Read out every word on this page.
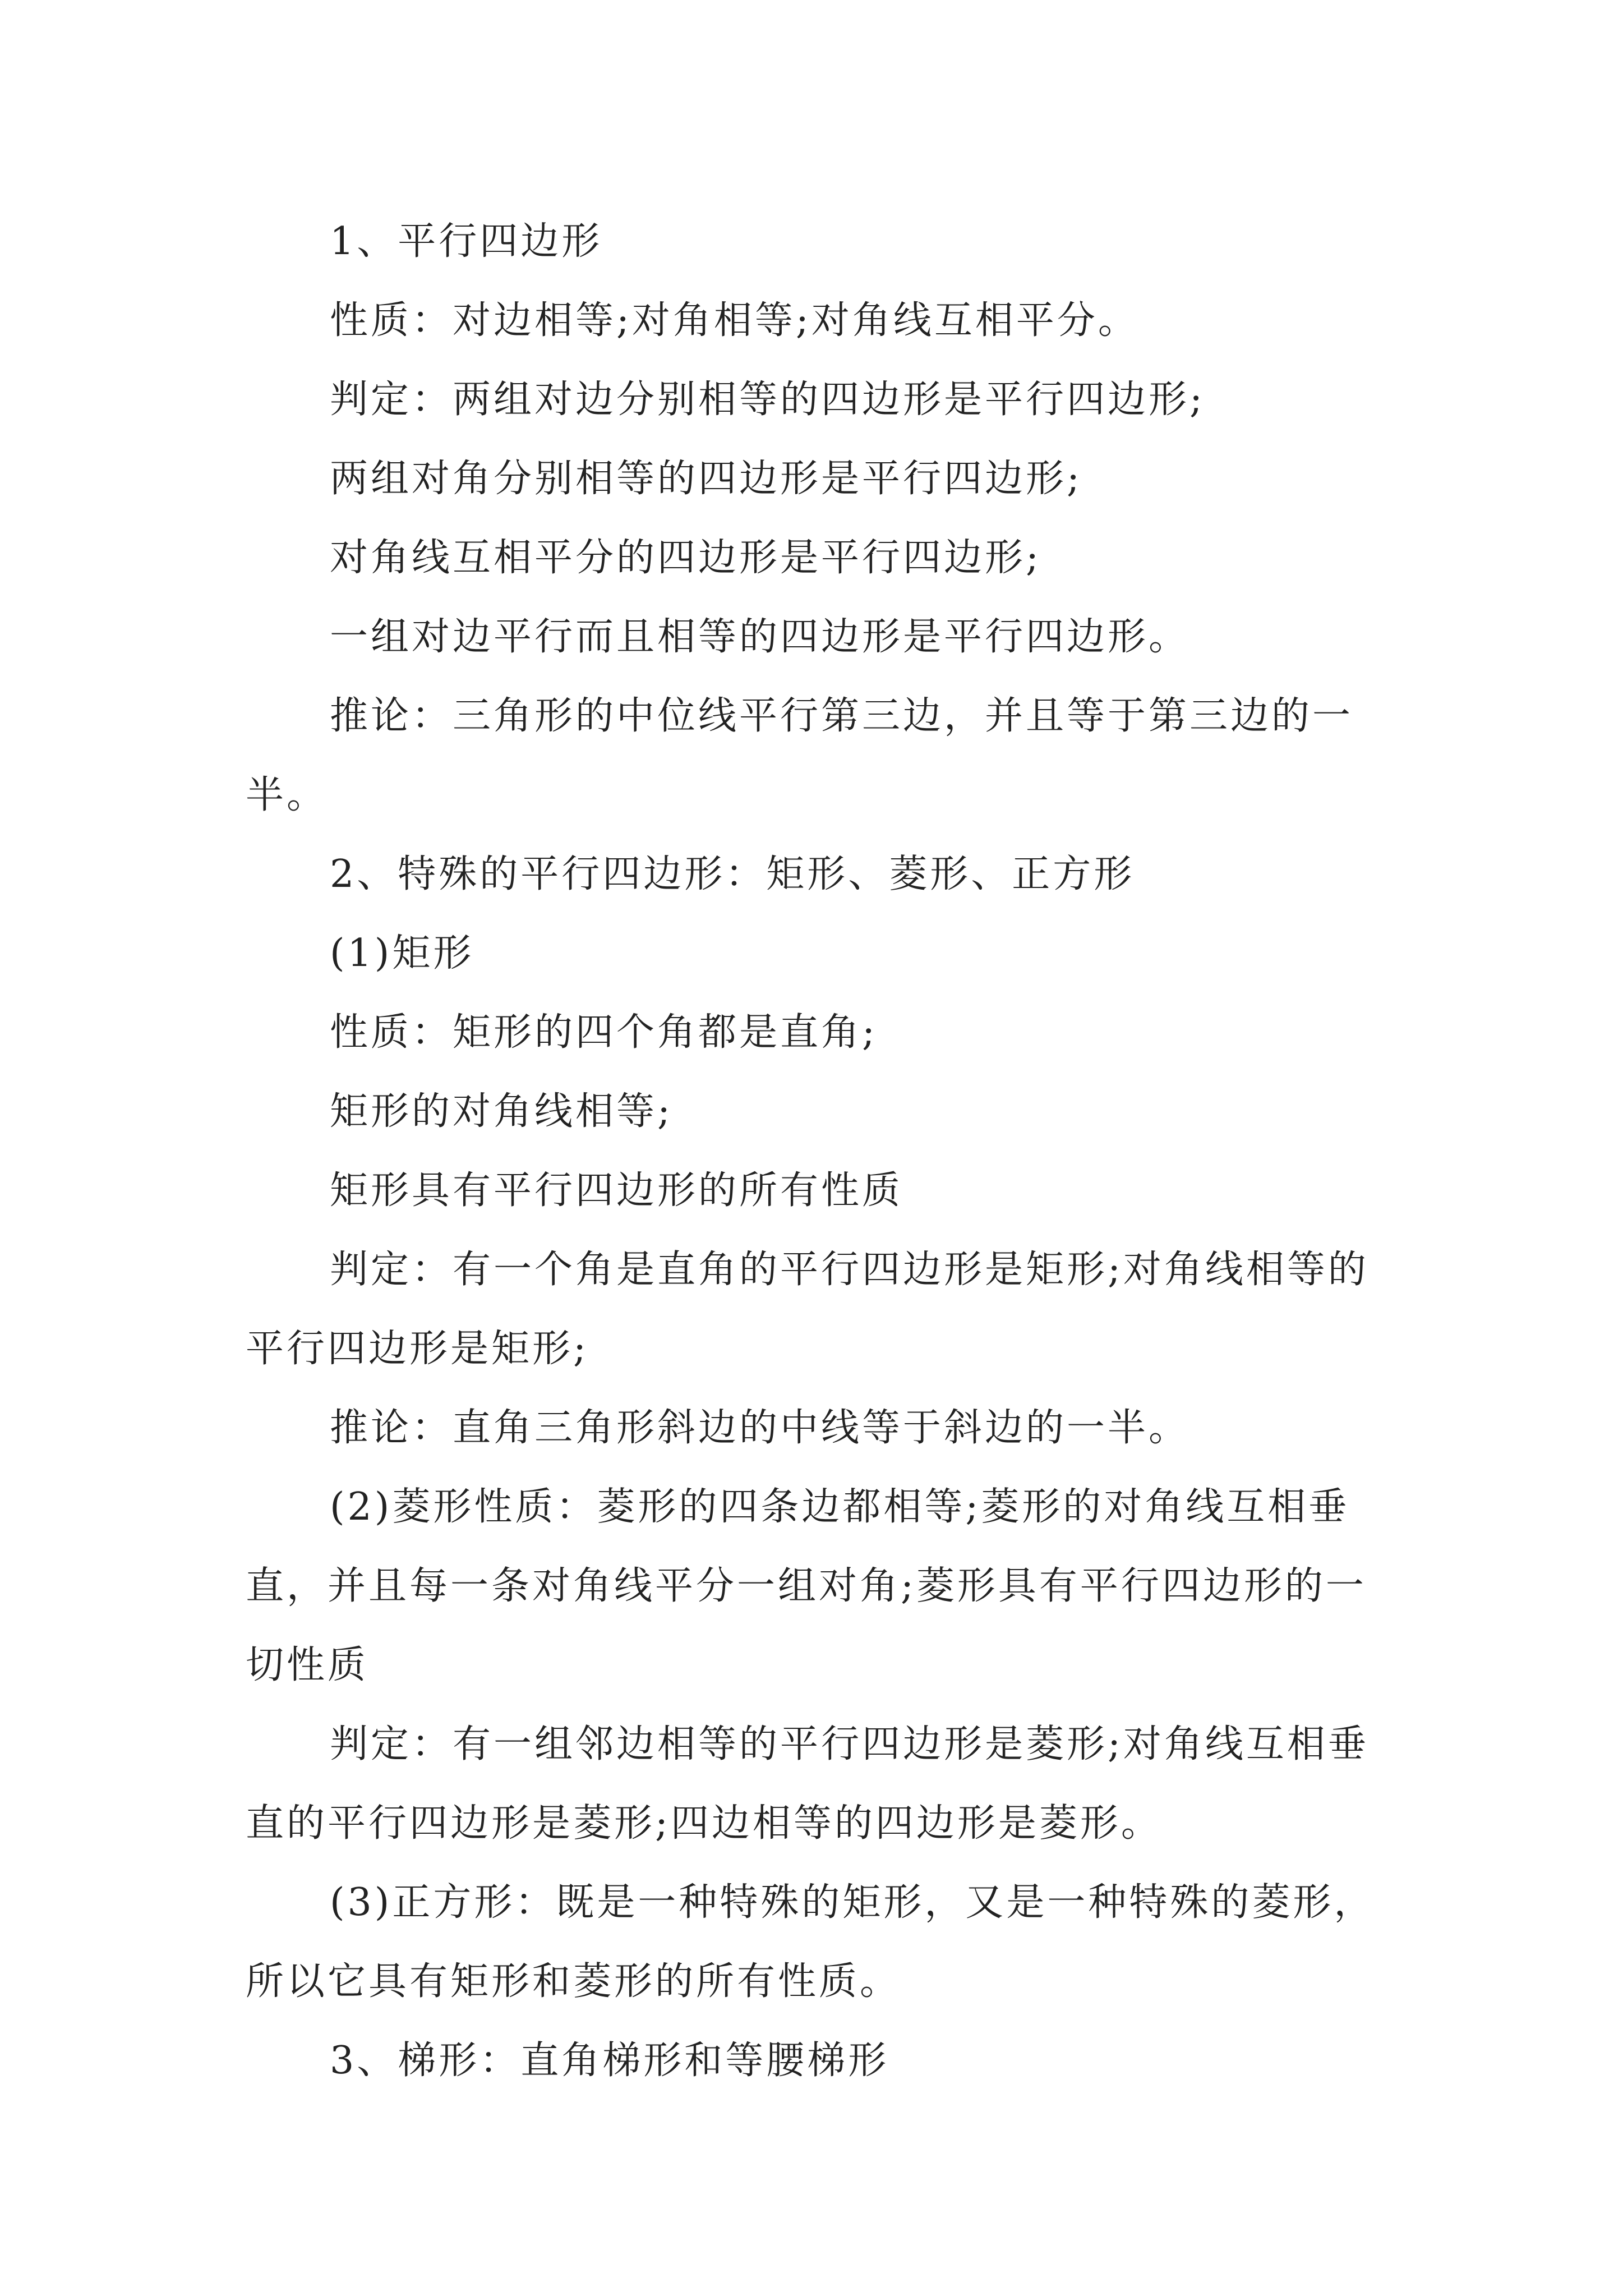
1、平行四边形

性质：对边相等;对角相等;对角线互相平分。

判定：两组对边分别相等的四边形是平行四边形;

两组对角分别相等的四边形是平行四边形;

对角线互相平分的四边形是平行四边形;

一组对边平行而且相等的四边形是平行四边形。

推论：三角形的中位线平行第三边，并且等于第三边的一半。

2、特殊的平行四边形：矩形、菱形、正方形

(1)矩形

性质：矩形的四个角都是直角;

矩形的对角线相等;

矩形具有平行四边形的所有性质

判定：有一个角是直角的平行四边形是矩形;对角线相等的平行四边形是矩形;

推论：直角三角形斜边的中线等于斜边的一半。

(2)菱形性质：菱形的四条边都相等;菱形的对角线互相垂直，并且每一条对角线平分一组对角;菱形具有平行四边形的一切性质

判定：有一组邻边相等的平行四边形是菱形;对角线互相垂直的平行四边形是菱形;四边相等的四边形是菱形。

(3)正方形：既是一种特殊的矩形，又是一种特殊的菱形，所以它具有矩形和菱形的所有性质。

3、梯形：直角梯形和等腰梯形
